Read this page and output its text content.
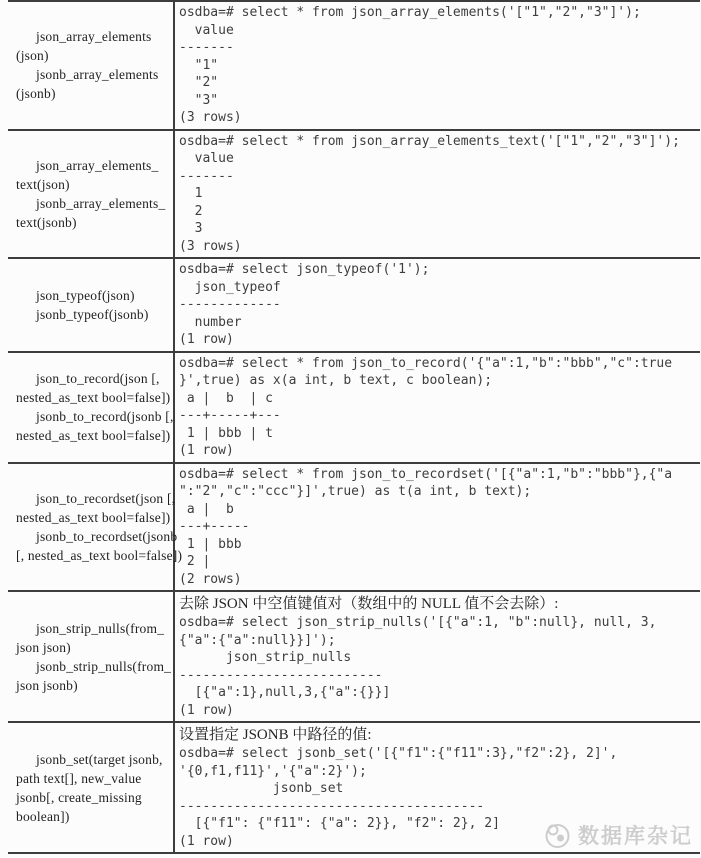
json_array_elements
(json)
jsonb_array_elements
(jsonb)
osdba=# select * from json_array_elements('["1","2","3"]');
value
-------
"1"
"2"
"3"
(3 rows)
json_array_elements_
text(json)
jsonb_array_elements_
text(jsonb)
osdba=# select * from json_array_elements_text('["1","2","3"]');
value
-------
1
2
3
(3 rows)
json_typeof(json)
jsonb_typeof(jsonb)
osdba=# select json_typeof('1');
json_typeof
-------------
number
(1 row)
json_to_record(json [,
nested_as_text bool=false])
jsonb_to_record(jsonb [,
nested_as_text bool=false])
osdba=# select * from json_to_record('{"a":1,"b":"bbb","c":true
}',true) as x(a int, b text, c boolean);
a |  b  | c
---+-----+---
1 | bbb | t
(1 row)
json_to_recordset(json [,
nested_as_text bool=false])
jsonb_to_recordset(jsonb
[, nested_as_text bool=false])
osdba=# select * from json_to_recordset('[{"a":1,"b":"bbb"},{"a
":"2","c":"ccc"}]',true) as t(a int, b text);
a |  b
---+-----
1 | bbb
2 |
(2 rows)
json_strip_nulls(from_
json json)
jsonb_strip_nulls(from_
json jsonb)
去除 JSON 中空值键值对（数组中的 NULL 值不会去除）:
osdba=# select json_strip_nulls('[{"a":1, "b":null}, null, 3,
{"a":{"a":null}}]');
json_strip_nulls
--------------------------
[{"a":1},null,3,{"a":{}}]
(1 row)
jsonb_set(target jsonb,
path text[], new_value
jsonb[, create_missing
boolean])
设置指定 JSONB 中路径的值:
osdba=# select jsonb_set('[{"f1":{"f11":3},"f2":2}, 2]',
'{0,f1,f11}','{"a":2}');
jsonb_set
---------------------------------------
[{"f1": {"f11": {"a": 2}}, "f2": 2}, 2]
(1 row)	数据库杂记
